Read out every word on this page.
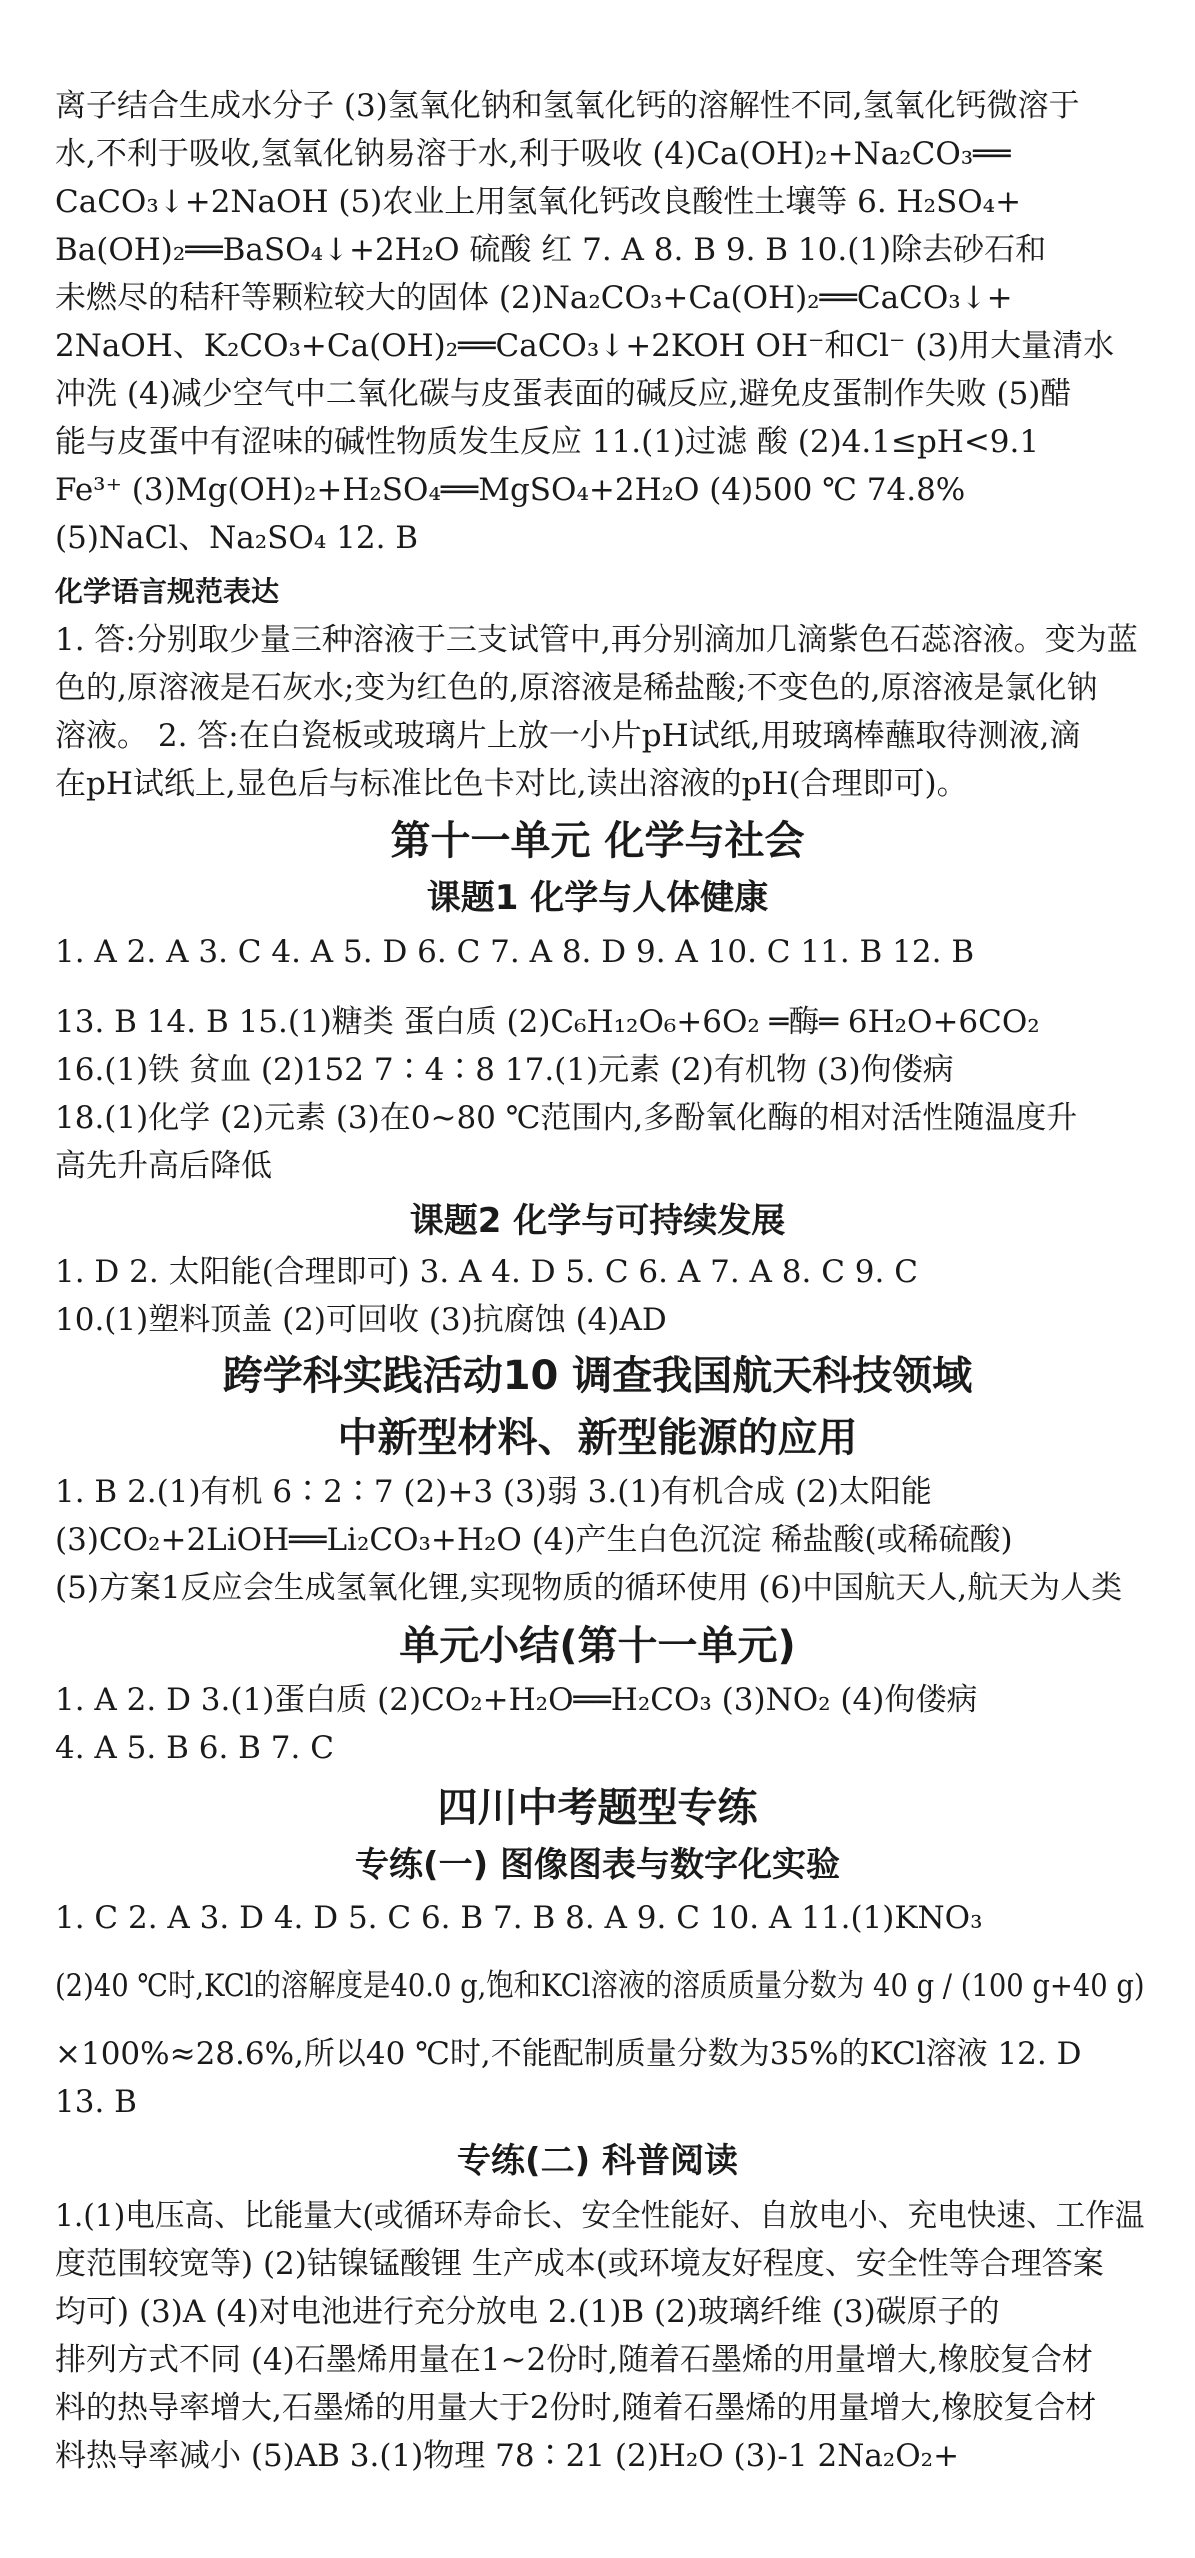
离子结合生成水分子 (3)氢氧化钠和氢氧化钙的溶解性不同,氢氧化钙微溶于
水,不利于吸收,氢氧化钠易溶于水,利于吸收 (4)Ca(OH)₂+Na₂CO₃══
CaCO₃↓+2NaOH (5)农业上用氢氧化钙改良酸性土壤等 6. H₂SO₄+
Ba(OH)₂══BaSO₄↓+2H₂O 硫酸 红 7. A 8. B 9. B 10.(1)除去砂石和
未燃尽的秸秆等颗粒较大的固体 (2)Na₂CO₃+Ca(OH)₂══CaCO₃↓+
2NaOH、K₂CO₃+Ca(OH)₂══CaCO₃↓+2KOH OH⁻和Cl⁻ (3)用大量清水
冲洗 (4)减少空气中二氧化碳与皮蛋表面的碱反应,避免皮蛋制作失败 (5)醋
能与皮蛋中有涩味的碱性物质发生反应 11.(1)过滤 酸 (2)4.1≤pH<9.1
Fe³⁺ (3)Mg(OH)₂+H₂SO₄══MgSO₄+2H₂O (4)500 ℃ 74.8%
(5)NaCl、Na₂SO₄ 12. B
化学语言规范表达
1. 答:分别取少量三种溶液于三支试管中,再分别滴加几滴紫色石蕊溶液。变为蓝
色的,原溶液是石灰水;变为红色的,原溶液是稀盐酸;不变色的,原溶液是氯化钠
溶液。 2. 答:在白瓷板或玻璃片上放一小片pH试纸,用玻璃棒蘸取待测液,滴
在pH试纸上,显色后与标准比色卡对比,读出溶液的pH(合理即可)。
第十一单元 化学与社会
课题1 化学与人体健康
1. A 2. A 3. C 4. A 5. D 6. C 7. A 8. D 9. A 10. C 11. B 12. B
13. B 14. B 15.(1)糖类 蛋白质 (2)C₆H₁₂O₆+6O₂ ═酶═ 6H₂O+6CO₂
16.(1)铁 贫血 (2)152 7∶4∶8 17.(1)元素 (2)有机物 (3)佝偻病
18.(1)化学 (2)元素 (3)在0~80 ℃范围内,多酚氧化酶的相对活性随温度升
高先升高后降低
课题2 化学与可持续发展
1. D 2. 太阳能(合理即可) 3. A 4. D 5. C 6. A 7. A 8. C 9. C
10.(1)塑料顶盖 (2)可回收 (3)抗腐蚀 (4)AD
跨学科实践活动10 调查我国航天科技领域
中新型材料、新型能源的应用
1. B 2.(1)有机 6∶2∶7 (2)+3 (3)弱 3.(1)有机合成 (2)太阳能
(3)CO₂+2LiOH══Li₂CO₃+H₂O (4)产生白色沉淀 稀盐酸(或稀硫酸)
(5)方案1反应会生成氢氧化锂,实现物质的循环使用 (6)中国航天人,航天为人类
单元小结(第十一单元)
1. A 2. D 3.(1)蛋白质 (2)CO₂+H₂O══H₂CO₃ (3)NO₂ (4)佝偻病
4. A 5. B 6. B 7. C
四川中考题型专练
专练(一) 图像图表与数字化实验
1. C 2. A 3. D 4. D 5. C 6. B 7. B 8. A 9. C 10. A 11.(1)KNO₃
(2)40 ℃时,KCl的溶解度是40.0 g,饱和KCl溶液的溶质质量分数为 40 g / (100 g+40 g)
×100%≈28.6%,所以40 ℃时,不能配制质量分数为35%的KCl溶液 12. D
13. B
专练(二) 科普阅读
1.(1)电压高、比能量大(或循环寿命长、安全性能好、自放电小、充电快速、工作温
度范围较宽等) (2)钴镍锰酸锂 生产成本(或环境友好程度、安全性等合理答案
均可) (3)A (4)对电池进行充分放电 2.(1)B (2)玻璃纤维 (3)碳原子的
排列方式不同 (4)石墨烯用量在1~2份时,随着石墨烯的用量增大,橡胶复合材
料的热导率增大,石墨烯的用量大于2份时,随着石墨烯的用量增大,橡胶复合材
料热导率减小 (5)AB 3.(1)物理 78∶21 (2)H₂O (3)-1 2Na₂O₂+
